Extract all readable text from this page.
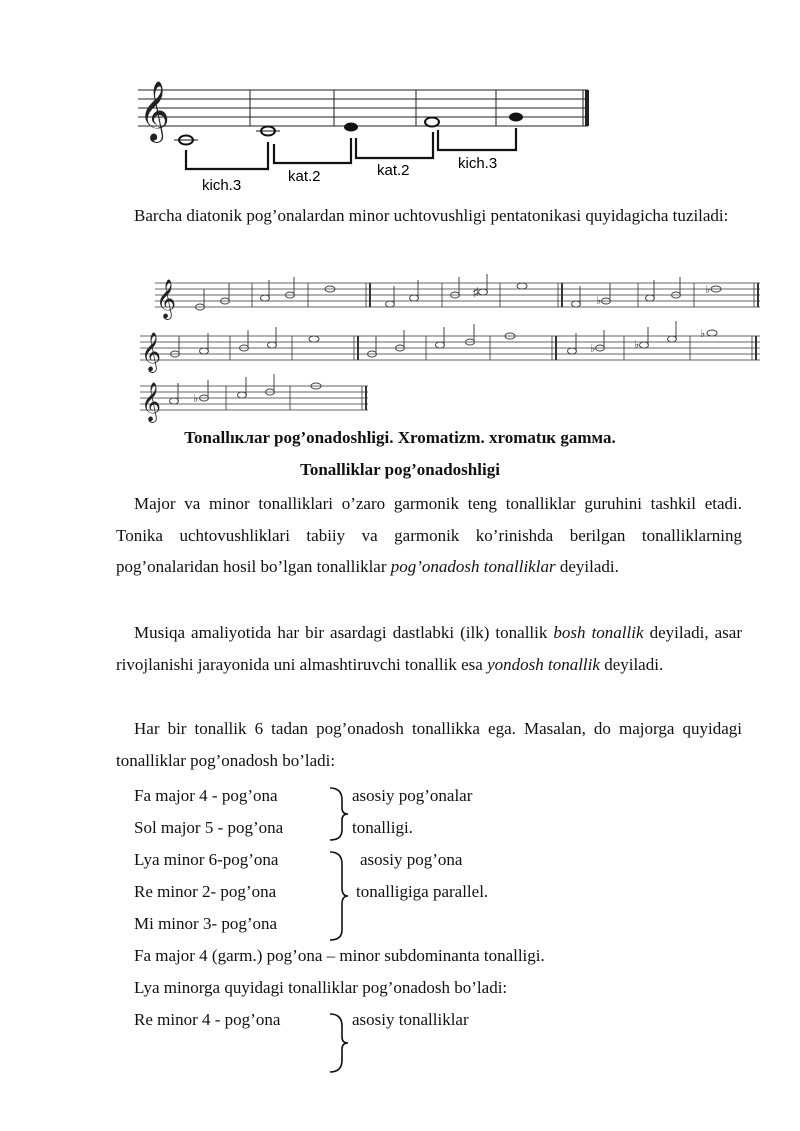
𝄞
kich.3
kat.2	kat.2	kich.3

Barcha diatonik pog’onalardan minor uchtovushligi pentatonikasi quyidagicha tuziladi:

𝄞	♯
♭
♭
𝄞	♭	♭
♭
𝄞	♭

Tonallıклar pog’onadoshligi. Xromatizm. xromatıк gamма.

Tonalliklar pog’onadoshligi

Major va minor tonalliklari o’zaro garmonik teng tonalliklar guruhini tashkil etadi. Tonika uchtovushliklari tabiiy va garmonik ko’rinishda berilgan tonalliklarning pog’onalaridan hosil bo’lgan tonalliklar pog’onadosh tonalliklar deyiladi.

Musiqa amaliyotida har bir asardagi dastlabki (ilk) tonallik bosh tonallik deyiladi, asar rivojlanishi jarayonida uni almashtiruvchi tonallik esa yondosh tonallik deyiladi.

Har bir tonallik 6 tadan pog’onadosh tonallikka ega. Masalan, do majorga quyidagi tonalliklar pog’onadosh bo’ladi:

Fa major 4 - pog’ona

Sol major 5 - pog’ona

Lya minor 6-pog’ona

Re minor 2- pog’ona

Mi minor 3- pog’ona

asosiy pog’onalar

tonalligi.

asosiy pog’ona

tonalligiga parallel.

Fa major 4 (garm.) pog’ona – minor subdominanta tonalligi.

Lya minorga quyidagi tonalliklar pog’onadosh bo’ladi:

Re minor 4 - pog’ona	asosiy tonalliklar
